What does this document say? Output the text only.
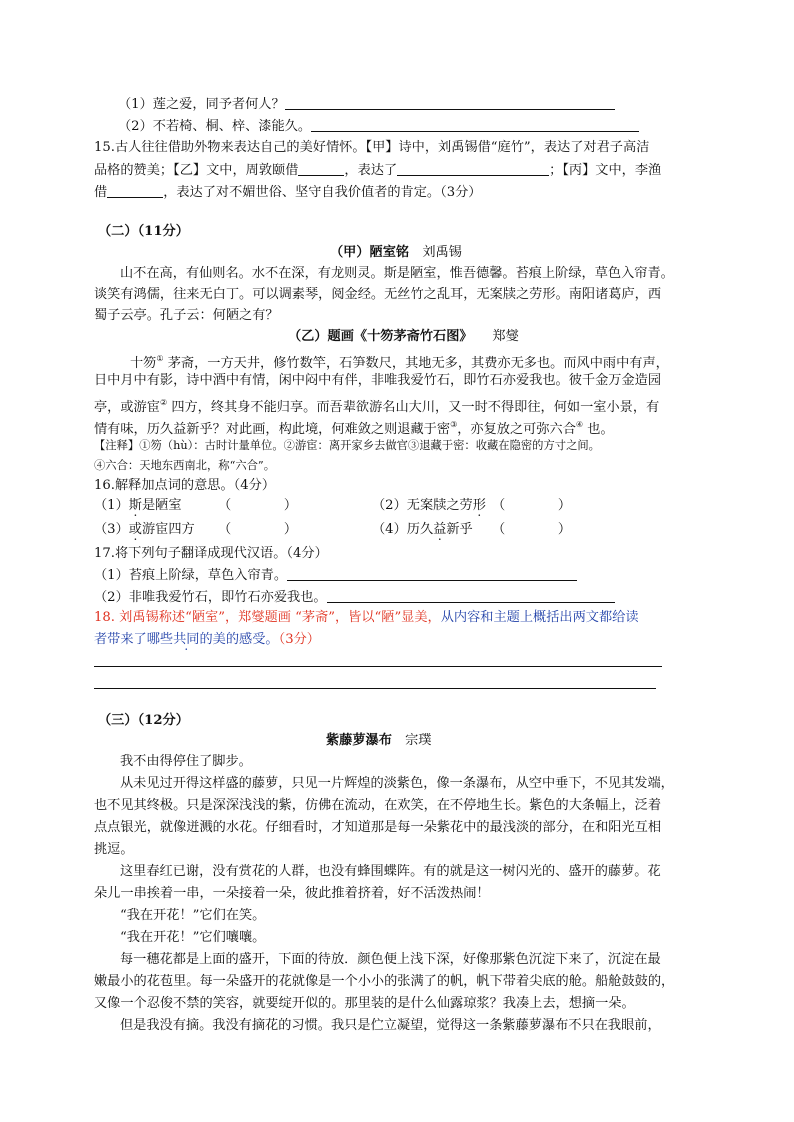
（1）莲之爱，同予者何人？
（2）不若椅、桐、梓、漆能久。
15.古人往往借助外物来表达自己的美好情怀。【甲】诗中，刘禹锡借“庭竹”，表达了对君子高洁
品格的赞美；【乙】文中，周敦颐借	，表达了	；【丙】文中，李渔
借	，表达了对不媚世俗、坚守自我价值者的肯定。（3分）
（二）（11分）
（甲）陋室铭　 刘禹锡
山不在高，有仙则名。水不在深，有龙则灵。斯是陋室，惟吾德馨。苔痕上阶绿，草色入帘青。
谈笑有鸿儒，往来无白丁。可以调素琴，阅金经。无丝竹之乱耳，无案牍之劳形。南阳诸葛庐，西
蜀子云亭。孔子云：何陋之有？
（乙）题画《十笏茅斋竹石图》　　 郑燮
十笏① 茅斋，一方天井，修竹数竿，石笋数尺，其地无多，其费亦无多也。而风中雨中有声，
日中月中有影，诗中酒中有情，闲中闷中有伴，非唯我爱竹石，即竹石亦爱我也。彼千金万金造园
亭，或游宦② 四方，终其身不能归享。而吾辈欲游名山大川，又一时不得即往，何如一室小景，有
情有味，历久益新乎？对此画，构此境，何难敛之则退藏于密③，亦复放之可弥六合④ 也。
【注释】①笏（hù）：古时计量单位。②游宦：离开家乡去做官③退藏于密：收藏在隐密的方寸之间。
④六合：天地东西南北，称“六合”。
16.解释加点词的意思。（4分）
（1）斯是陋室	（　　　　）	（2）无案牍之劳形 （　　　　）
（3）或游宦四方 （　　　　）	（4）历久益新乎 （　　　　）
17.将下列句子翻译成现代汉语。（4分）
（1）苔痕上阶绿，草色入帘青。
（2）非唯我爱竹石，即竹石亦爱我也。
18. 刘禹锡称述“陋室”，郑燮题画 “茅斋”，皆以“陋”显美，从内容和主题上概括出两文都给读
者带来了哪些共同的美的感受。（3分）
（三）（12分）
紫藤萝瀑布　 宗璞
我不由得停住了脚步。
从未见过开得这样盛的藤萝，只见一片辉煌的淡紫色，像一条瀑布，从空中垂下，不见其发端，
也不见其终极。只是深深浅浅的紫，仿佛在流动，在欢笑，在不停地生长。紫色的大条幅上，泛着
点点银光，就像迸溅的水花。仔细看时，才知道那是每一朵紫花中的最浅淡的部分，在和阳光互相
挑逗。
这里春红已谢，没有赏花的人群，也没有蜂围蝶阵。有的就是这一树闪光的、盛开的藤萝。花
朵儿一串挨着一串，一朵接着一朵，彼此推着挤着，好不活泼热闹！
“我在开花！”它们在笑。
“我在开花！”它们嚷嚷。
每一穗花都是上面的盛开，下面的待放．颜色便上浅下深，好像那紫色沉淀下来了，沉淀在最
嫩最小的花苞里。每一朵盛开的花就像是一个小小的张满了的帆，帆下带着尖底的舱。船舱鼓鼓的，
又像一个忍俊不禁的笑容，就要绽开似的。那里装的是什么仙露琼浆？我凑上去，想摘一朵。
但是我没有摘。我没有摘花的习惯。我只是伫立凝望，觉得这一条紫藤萝瀑布不只在我眼前，
